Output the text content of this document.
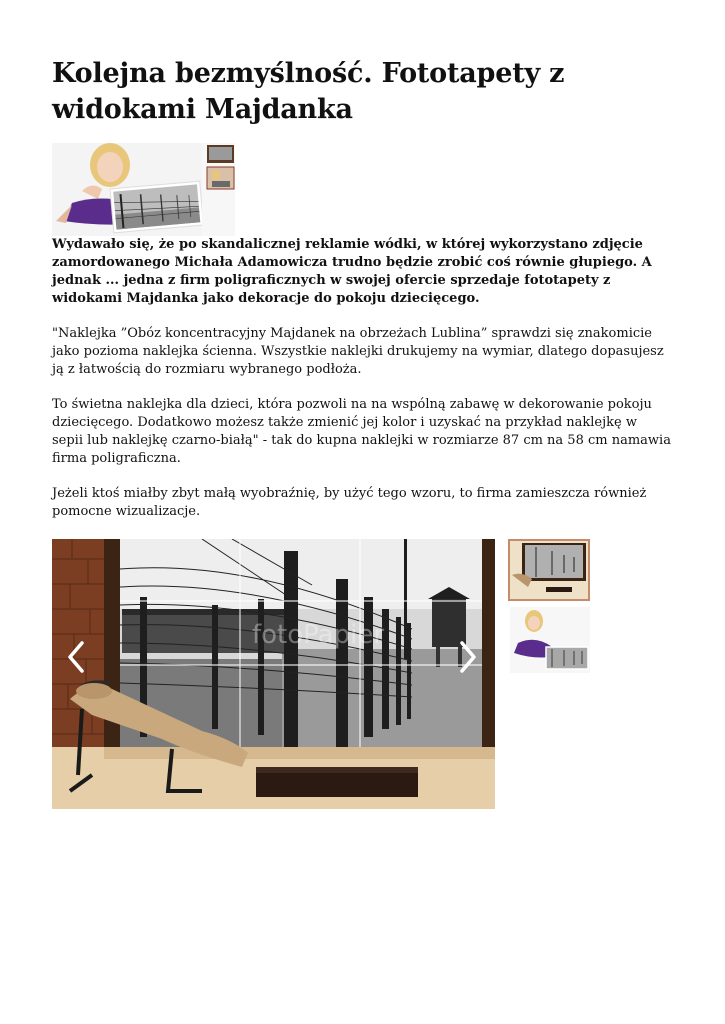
Kolejna bezmyślność. Fototapety z widokami Majdanka

Wydawało się, że po skandalicznej reklamie wódki, w której wykorzystano zdjęcie zamordowanego Michała Adamowicza trudno będzie zrobić coś równie głupiego. A jednak ... jedna z firm poligraficznych w swojej ofercie sprzedaje fototapety z widokami Majdanka jako dekoracje do pokoju dziecięcego.

"Naklejka ”Obóz koncentracyjny Majdanek na obrzeżach Lublina” sprawdzi się znakomicie jako pozioma naklejka ścienna. Wszystkie naklejki drukujemy na wymiar, dlatego dopasujesz ją z łatwością do rozmiaru wybranego podłoża.

To świetna naklejka dla dzieci, która pozwoli na na wspólną zabawę w dekorowanie pokoju dziecięcego. Dodatkowo możesz także zmienić jej kolor i uzyskać na przykład naklejkę w sepii lub naklejkę czarno-białą" - tak do kupna naklejki w rozmiarze 87 cm na 58 cm namawia firma poligraficzna.

Jeżeli ktoś miałby zbyt małą wyobraźnię, by użyć tego wzoru, to firma zamieszcza również pomocne wizualizacje.

fotoPapier
